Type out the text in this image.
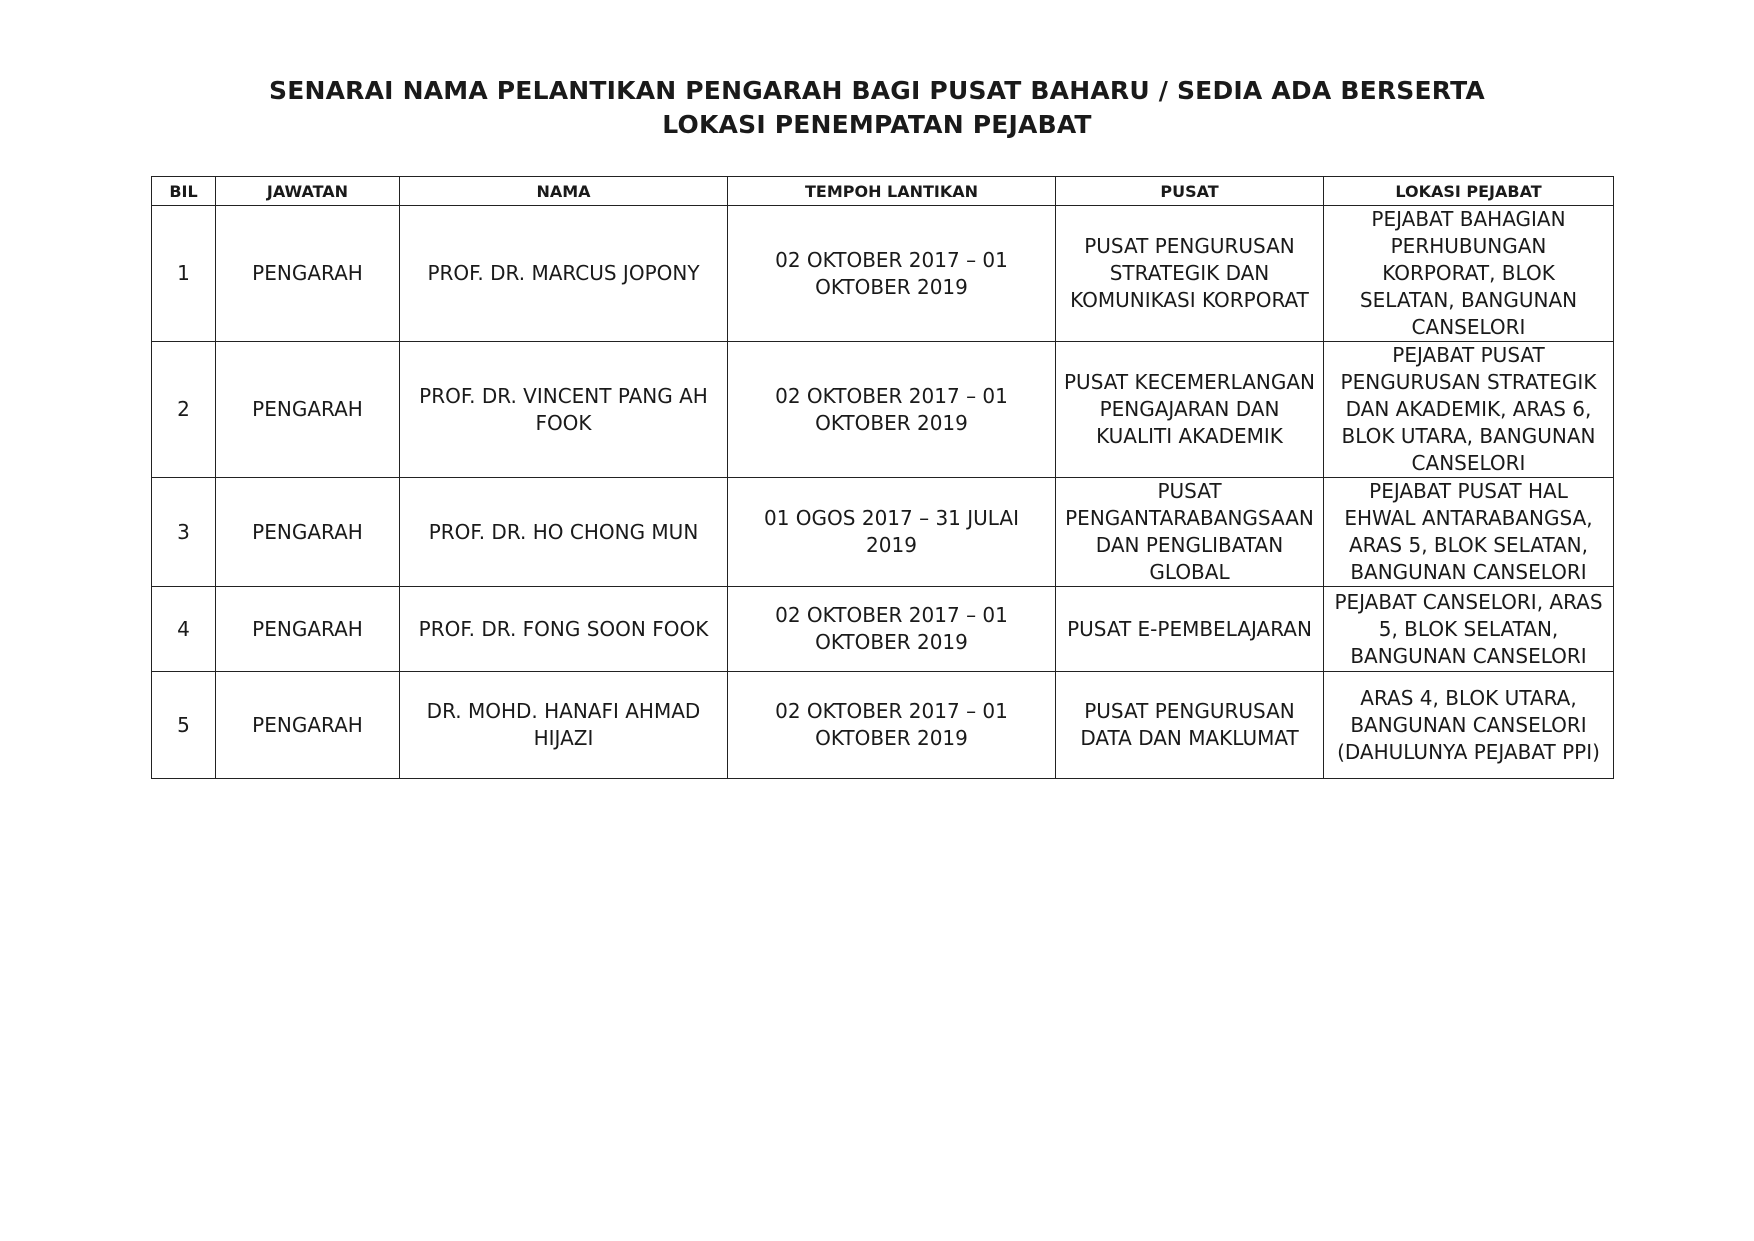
SENARAI NAMA PELANTIKAN PENGARAH BAGI PUSAT BAHARU / SEDIA ADA BERSERTA
LOKASI PENEMPATAN PEJABAT
BIL	JAWATAN	NAMA	TEMPOH LANTIKAN	PUSAT	LOKASI PEJABAT
1	PENGARAH	PROF. DR. MARCUS JOPONY	02 OKTOBER 2017 – 01 OKTOBER 2019	PUSAT PENGURUSAN STRATEGIK DAN KOMUNIKASI KORPORAT	PEJABAT BAHAGIAN PERHUBUNGAN KORPORAT, BLOK SELATAN, BANGUNAN CANSELORI
2	PENGARAH	PROF. DR. VINCENT PANG AH FOOK	02 OKTOBER 2017 – 01 OKTOBER 2019	PUSAT KECEMERLANGAN PENGAJARAN DAN KUALITI AKADEMIK	PEJABAT PUSAT PENGURUSAN STRATEGIK DAN AKADEMIK, ARAS 6, BLOK UTARA, BANGUNAN CANSELORI
3	PENGARAH	PROF. DR. HO CHONG MUN	01 OGOS 2017 – 31 JULAI 2019	PUSAT PENGANTARABANGSAAN DAN PENGLIBATAN GLOBAL	PEJABAT PUSAT HAL EHWAL ANTARABANGSA, ARAS 5, BLOK SELATAN, BANGUNAN CANSELORI
4	PENGARAH	PROF. DR. FONG SOON FOOK	02 OKTOBER 2017 – 01 OKTOBER 2019	PUSAT E-PEMBELAJARAN	PEJABAT CANSELORI, ARAS 5, BLOK SELATAN, BANGUNAN CANSELORI
5	PENGARAH	DR. MOHD. HANAFI AHMAD HIJAZI	02 OKTOBER 2017 – 01 OKTOBER 2019	PUSAT PENGURUSAN DATA DAN MAKLUMAT	ARAS 4, BLOK UTARA, BANGUNAN CANSELORI (DAHULUNYA PEJABAT PPI)
